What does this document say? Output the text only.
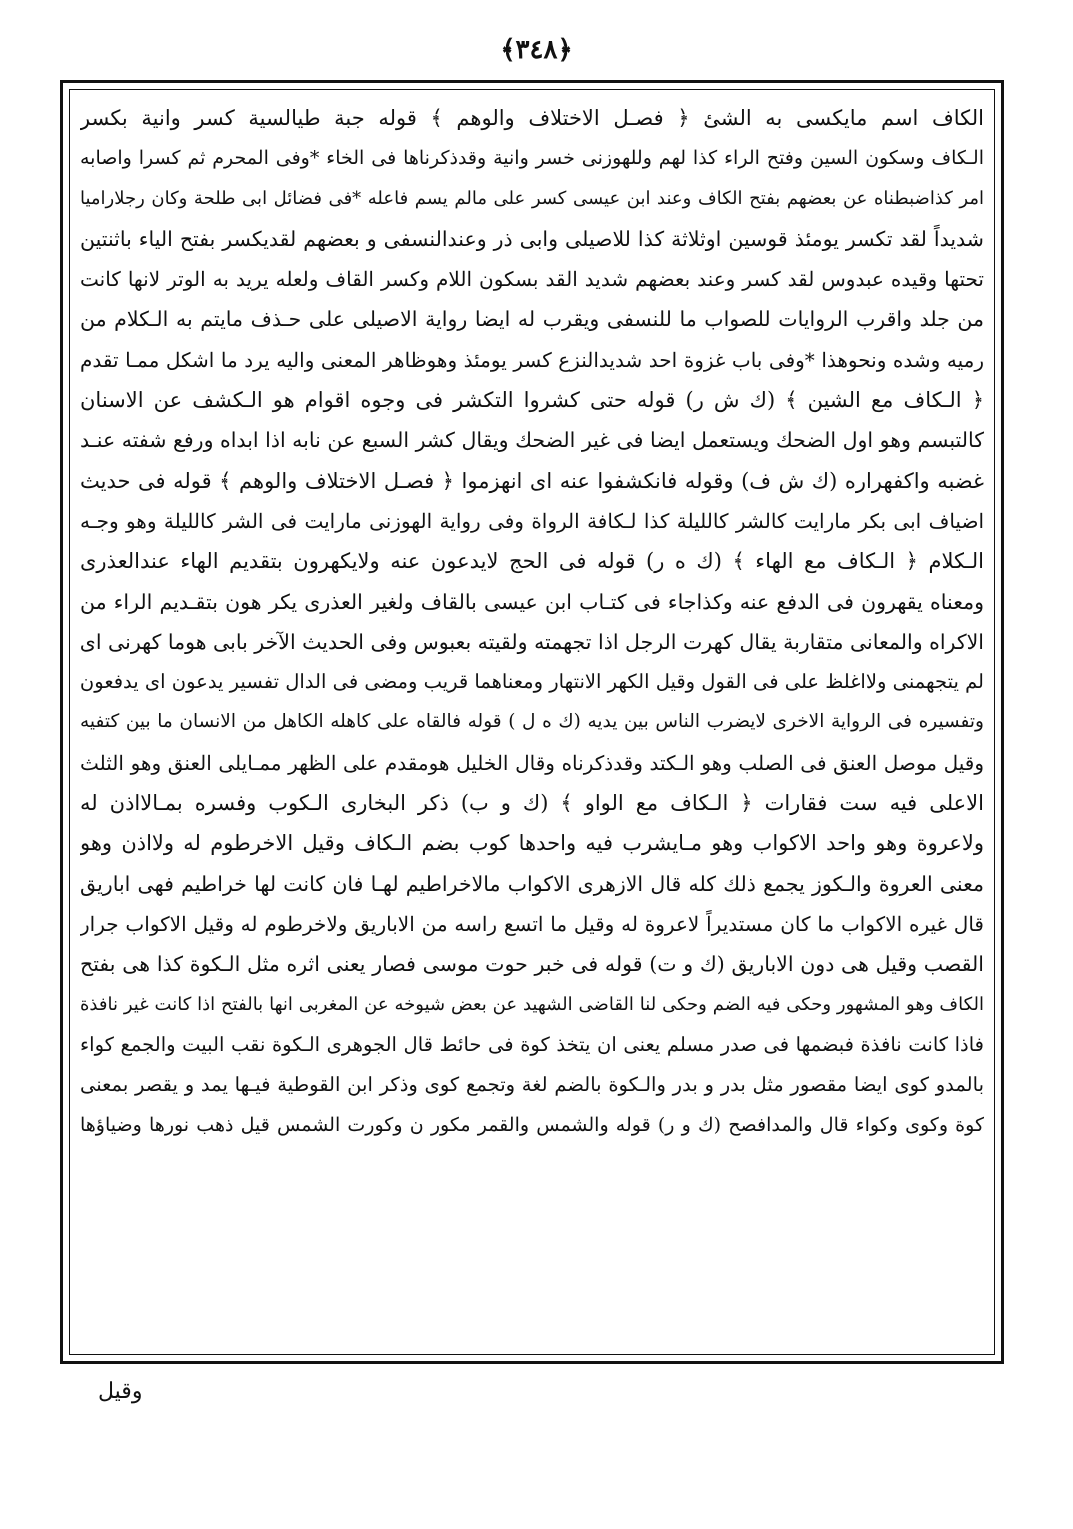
﴿٣٤٨﴾
الكاف اسم مايكسى به الشئ ﴿ فصـل الاختلاف والوهم ﴾ قوله جبة طيالسية كسر وانية بكسر
الـكاف وسكون السين وفتح الراء كذا لهم وللهوزنى خسر وانية وقدذكرناها فى الخاء *وفى المحرم ثم كسرا واصابه
امر كذاضبطناه عن بعضهم بفتح الكاف وعند ابن عيسى كسر على مالم يسم فاعله *فى فضائل ابى طلحة وكان رجلارامیا
شديداً لقد تكسر يومئذ قوسين اوثلاثة كذا للاصيلى وابى ذر وعندالنسفى و بعضهم لقديكسر بفتح الياء باثنتين
تحتها وقيده عبدوس لقد كسر وعند بعضهم شديد القد بسكون اللام وكسر القاف ولعله يريد به الوتر لانها كانت
من جلد واقرب الروايات للصواب ما للنسفى ويقرب له ايضا رواية الاصيلى على حـذف مايتم به الـكلام من
رميه وشده ونحوهذا *وفى باب غزوة احد شديدالنزع كسر يومئذ وهوظاهر المعنى واليه يرد ما اشكل ممـا تقدم
﴿ الـكاف مع الشين ﴾ (ك ش ر) قوله حتى كشروا التكشر فى وجوه اقوام هو الـكشف عن الاسنان
كالتبسم وهو اول الضحك ويستعمل ايضا فى غير الضحك ويقال كشر السبع عن نابه اذا ابداه ورفع شفته عنـد
غضبه واكفهراره (ك ش ف) وقوله فانكشفوا عنه اى انهزموا ﴿ فصـل الاختلاف والوهم ﴾ قوله فى حديث
اضياف ابى بكر مارايت كالشر كالليلة كذا لـكافة الرواة وفى رواية الهوزنى مارايت فى الشر كالليلة وهو وجـه
الـكلام ﴿ الـكاف مع الهاء ﴾ (ك ه ر) قوله فى الحج لايدعون عنه ولايكهرون بتقديم الهاء عندالعذرى
ومعناه يقهرون فى الدفع عنه وكذاجاء فى كتـاب ابن عيسى بالقاف ولغير العذرى يكر هون بتقـديم الراء من
الاكراه والمعانى متقاربة يقال كهرت الرجل اذا تجهمته ولقيته بعبوس وفى الحديث الآخر بابى هوما كهرنى اى
لم يتجهمنى ولااغلظ على فى القول وقيل الكهر الانتهار ومعناهما قريب ومضى فى الدال تفسير يدعون اى يدفعون
وتفسيره فى الرواية الاخرى لايضرب الناس بين يديه (ك ه ل ) قوله فالقاه على كاهله الكاهل من الانسان ما بين كتفيه
وقيل موصل العنق فى الصلب وهو الـكتد وقدذكرناه وقال الخليل هومقدم على الظهر ممـايلى العنق وهو الثلث
الاعلى فيه ست فقارات ﴿ الـكاف مع الواو ﴾ (ك و ب) ذكر البخارى الـكوب وفسره بمـالااذن له
ولاعروة وهو واحد الاكواب وهو مـايشرب فيه واحدها كوب بضم الـكاف وقيل الاخرطوم له ولااذن وهو
معنى العروة والـكوز يجمع ذلك كله قال الازهرى الاكواب مالاخراطيم لهـا فان كانت لها خراطيم فهى اباريق
قال غيره الاكواب ما كان مستديراً لاعروة له وقيل ما اتسع راسه من الاباريق ولاخرطوم له وقيل الاكواب جرار
القصب وقيل هى دون الاباريق (ك و ت) قوله فى خبر حوت موسى فصار يعنى اثره مثل الـكوة كذا هى بفتح
الكاف وهو المشهور وحكى فيه الضم وحكى لنا القاضى الشهيد عن بعض شيوخه عن المغربى انها بالفتح اذا كانت غير نافذة
فاذا كانت نافذة فبضمها فى صدر مسلم يعنى ان يتخذ كوة فى حائط قال الجوهرى الـكوة نقب البيت والجمع كواء
بالمدو كوى ايضا مقصور مثل بدر و بدر والـكوة بالضم لغة وتجمع كوى وذكر ابن القوطية فيـها يمد و يقصر بمعنى
كوة وكوى وكواء قال والمدافصح (ك و ر) قوله والشمس والقمر مكور ن وكورت الشمس قيل ذهب نورها وضياؤها
وقيل
